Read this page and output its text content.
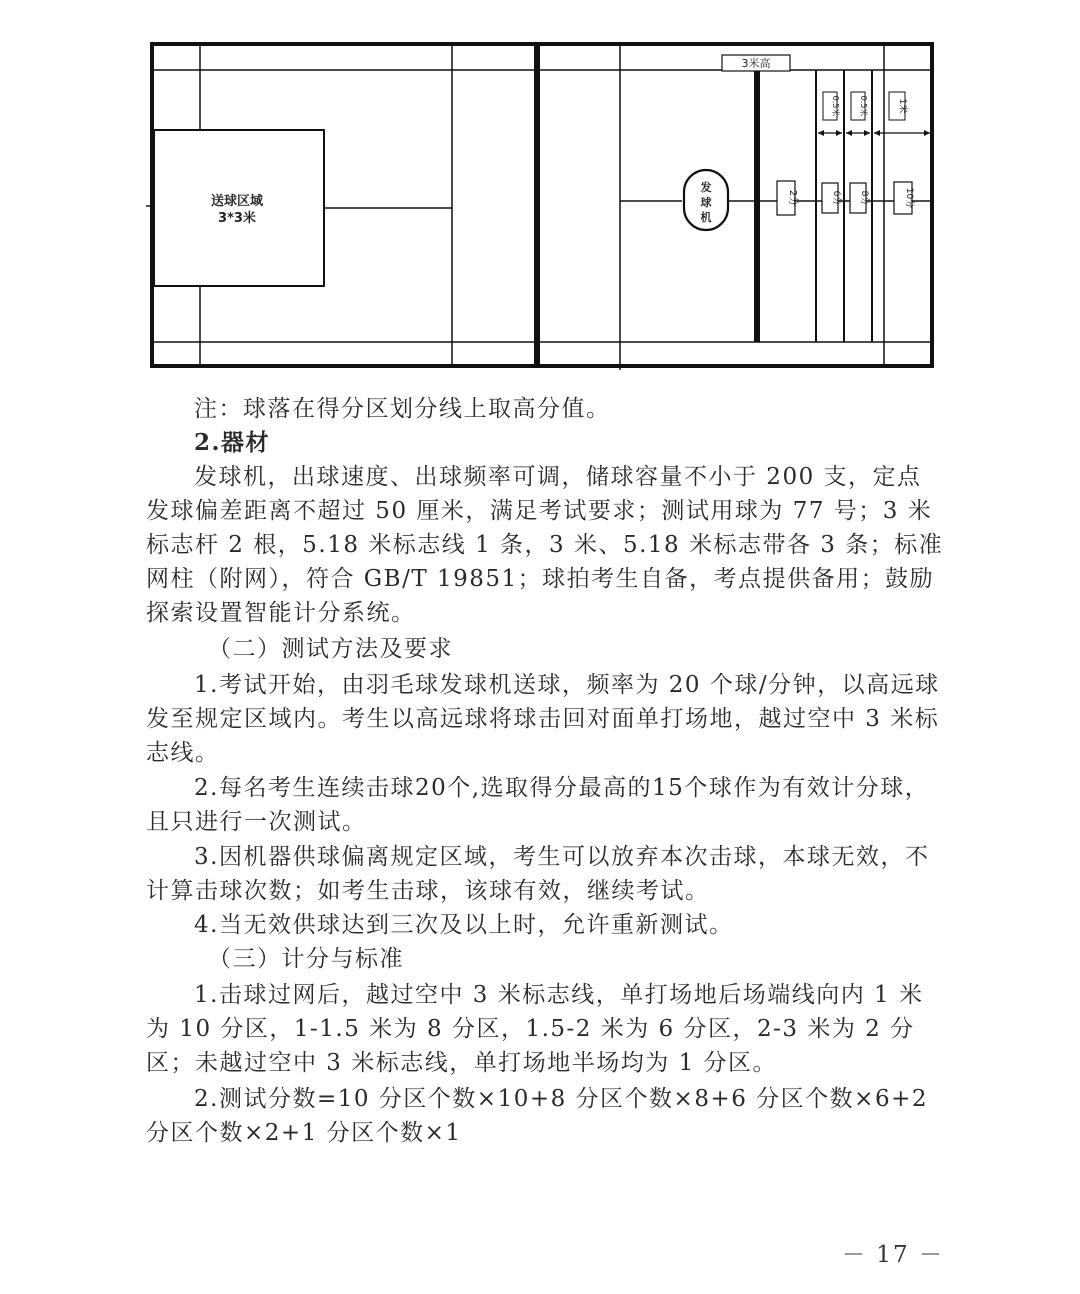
送球区域
3*3米
3米高
发
球
机
0.5米 0.5米	1米
2分	6分 8分	10分

注：球落在得分区划分线上取高分值。

2.器材

发球机，出球速度、出球频率可调，储球容量不小于 200 支，定点发球偏差距离不超过 50 厘米，满足考试要求；测试用球为 77 号；3 米标志杆 2 根，5.18 米标志线 1 条，3 米、5.18 米标志带各 3 条；标准网柱（附网），符合 GB/T 19851；球拍考生自备，考点提供备用；鼓励探索设置智能计分系统。

（二）测试方法及要求

1.考试开始，由羽毛球发球机送球，频率为 20 个球/分钟，以高远球发至规定区域内。考生以高远球将球击回对面单打场地，越过空中 3 米标志线。

2.每名考生连续击球20个,选取得分最高的15个球作为有效计分球，且只进行一次测试。

3.因机器供球偏离规定区域，考生可以放弃本次击球，本球无效，不计算击球次数；如考生击球，该球有效，继续考试。

4.当无效供球达到三次及以上时，允许重新测试。

（三）计分与标准

1.击球过网后，越过空中 3 米标志线，单打场地后场端线向内 1 米为 10 分区，1-1.5 米为 8 分区，1.5-2 米为 6 分区，2-3 米为 2 分区；未越过空中 3 米标志线，单打场地半场均为 1 分区。

2.测试分数=10 分区个数×10+8 分区个数×8+6 分区个数×6+2 分区个数×2+1 分区个数×1

－ 17 －
